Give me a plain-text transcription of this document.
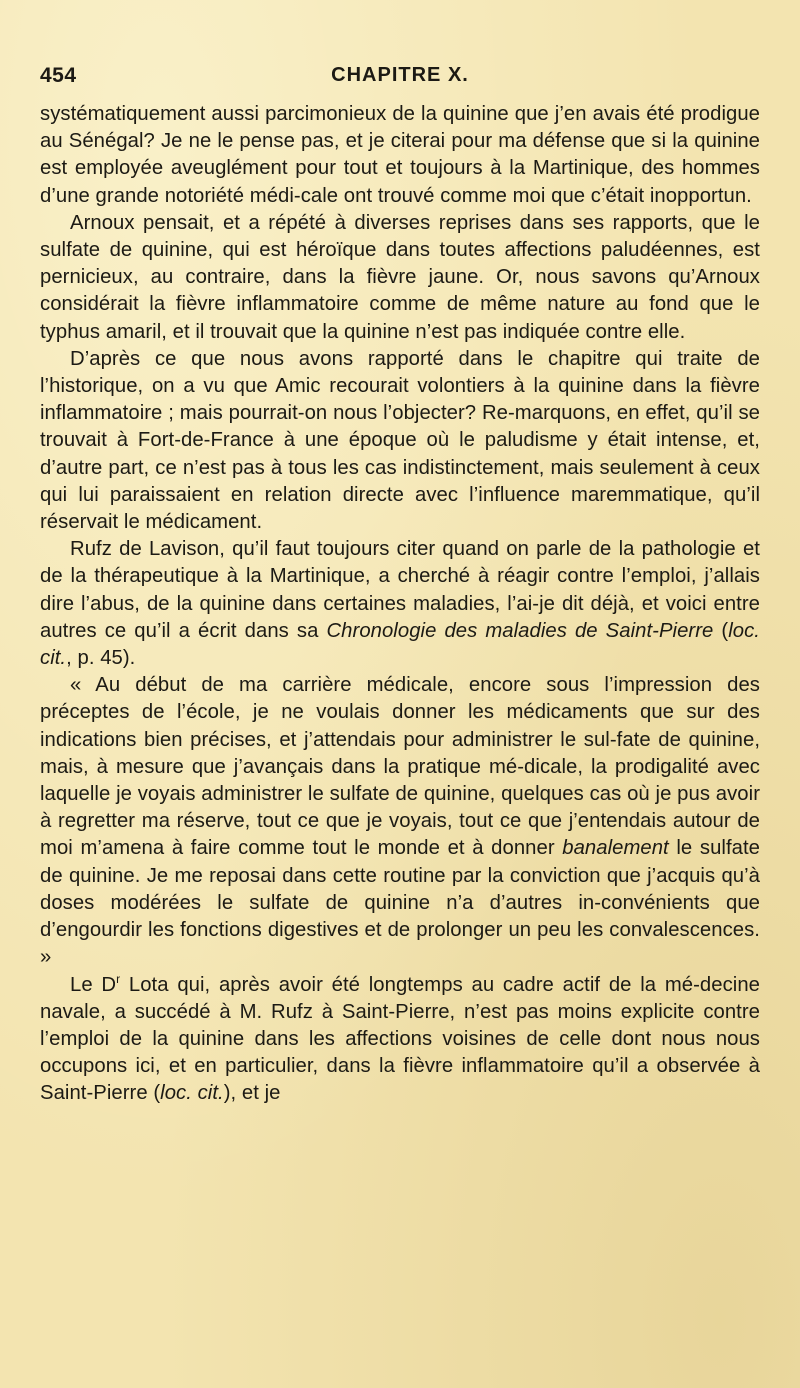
454	CHAPITRE X.

systématiquement aussi parcimonieux de la quinine que j’en avais été prodigue au Sénégal? Je ne le pense pas, et je citerai pour ma défense que si la quinine est employée aveuglément pour tout et toujours à la Martinique, des hommes d’une grande notoriété médi-cale ont trouvé comme moi que c’était inopportun.

Arnoux pensait, et a répété à diverses reprises dans ses rapports, que le sulfate de quinine, qui est héroïque dans toutes affections paludéennes, est pernicieux, au contraire, dans la fièvre jaune. Or, nous savons qu’Arnoux considérait la fièvre inflammatoire comme de même nature au fond que le typhus amaril, et il trouvait que la quinine n’est pas indiquée contre elle.

D’après ce que nous avons rapporté dans le chapitre qui traite de l’historique, on a vu que Amic recourait volontiers à la quinine dans la fièvre inflammatoire ; mais pourrait-on nous l’objecter? Re-marquons, en effet, qu’il se trouvait à Fort-de-France à une époque où le paludisme y était intense, et, d’autre part, ce n’est pas à tous les cas indistinctement, mais seulement à ceux qui lui paraissaient en relation directe avec l’influence maremmatique, qu’il réservait le médicament.

Rufz de Lavison, qu’il faut toujours citer quand on parle de la pathologie et de la thérapeutique à la Martinique, a cherché à réagir contre l’emploi, j’allais dire l’abus, de la quinine dans certaines maladies, l’ai-je dit déjà, et voici entre autres ce qu’il a écrit dans sa Chronologie des maladies de Saint-Pierre (loc. cit., p. 45).

« Au début de ma carrière médicale, encore sous l’impression des préceptes de l’école, je ne voulais donner les médicaments que sur des indications bien précises, et j’attendais pour administrer le sul-fate de quinine, mais, à mesure que j’avançais dans la pratique mé-dicale, la prodigalité avec laquelle je voyais administrer le sulfate de quinine, quelques cas où je pus avoir à regretter ma réserve, tout ce que je voyais, tout ce que j’entendais autour de moi m’amena à faire comme tout le monde et à donner banalement le sulfate de quinine. Je me reposai dans cette routine par la conviction que j’acquis qu’à doses modérées le sulfate de quinine n’a d’autres in-convénients que d’engourdir les fonctions digestives et de prolonger un peu les convalescences. »

Le $D^r$ Lota qui, après avoir été longtemps au cadre actif de la mé-decine navale, a succédé à M. Rufz à Saint-Pierre, n’est pas moins explicite contre l’emploi de la quinine dans les affections voisines de celle dont nous nous occupons ici, et en particulier, dans la fièvre inflammatoire qu’il a observée à Saint-Pierre (loc. cit.), et je
